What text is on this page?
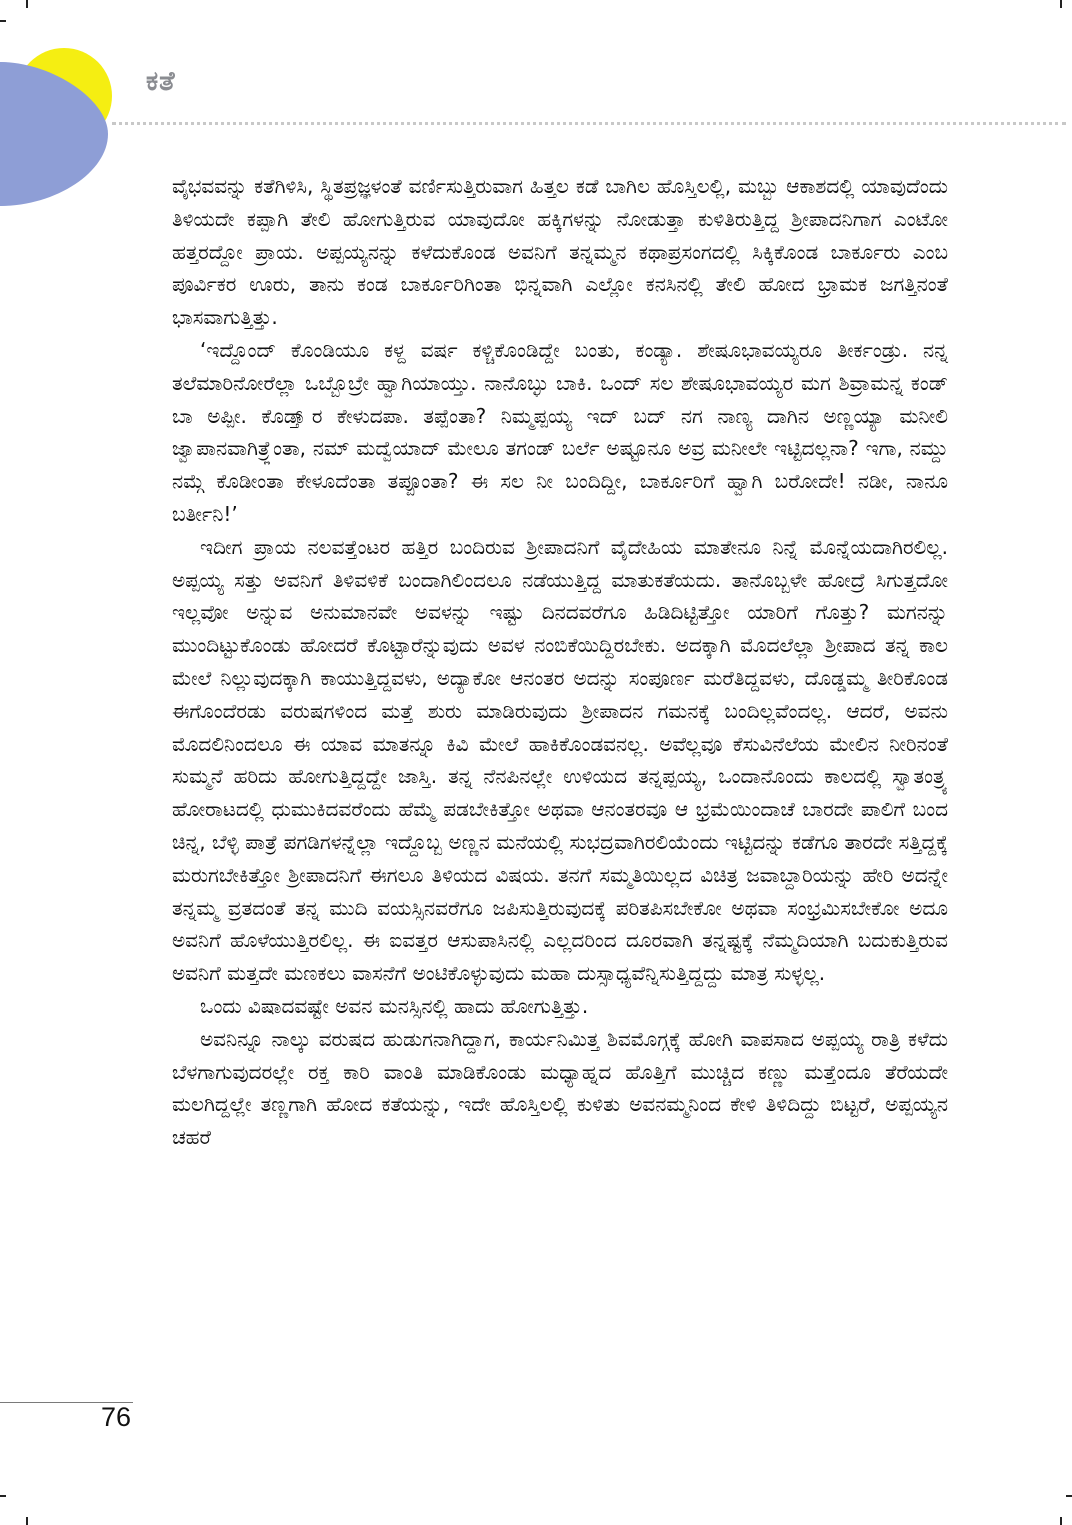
ಕತೆ

ವೈಭವವನ್ನು ಕತೆಗಿಳಿಸಿ, ಸ್ಥಿತಪ್ರಜ್ಞಳಂತೆ ವರ್ಣಿಸುತ್ತಿರುವಾಗ ಹಿತ್ತಲ ಕಡೆ ಬಾಗಿಲ ಹೊಸ್ತಿಲಲ್ಲಿ, ಮಬ್ಬು ಆಕಾಶದಲ್ಲಿ ಯಾವುದೆಂದು ತಿಳಿಯದೇ ಕಪ್ಪಾಗಿ ತೇಲಿ ಹೋಗುತ್ತಿರುವ ಯಾವುದೋ ಹಕ್ಕಿಗಳನ್ನು ನೋಡುತ್ತಾ ಕುಳಿತಿರುತ್ತಿದ್ದ ಶ್ರೀಪಾದನಿಗಾಗ ಎಂಟೋ ಹತ್ತರದ್ದೋ ಪ್ರಾಯ. ಅಪ್ಪಯ್ಯನನ್ನು ಕಳೆದುಕೊಂಡ ಅವನಿಗೆ ತನ್ನಮ್ಮನ ಕಥಾಪ್ರಸಂಗದಲ್ಲಿ ಸಿಕ್ಕಿಕೊಂಡ ಬಾರ್ಕೂರು ಎಂಬ ಪೂರ್ವಿಕರ ಊರು, ತಾನು ಕಂಡ ಬಾರ್ಕೂರಿಗಿಂತಾ ಭಿನ್ನವಾಗಿ ಎಲ್ಲೋ ಕನಸಿನಲ್ಲಿ ತೇಲಿ ಹೋದ ಭ್ರಾಮಕ ಜಗತ್ತಿನಂತೆ ಭಾಸವಾಗುತ್ತಿತ್ತು.

‘ಇದ್ದೊಂದ್ ಕೊಂಡಿಯೂ ಕಳ್ದ ವರ್ಷ ಕಳ್ಚಿಕೊಂಡಿದ್ದೇ ಬಂತು, ಕಂಡ್ಯಾ. ಶೇಷೂಭಾವಯ್ಯರೂ ತೀರ್ಕಂಡ್ರು. ನನ್ನ ತಲೆಮಾರಿನೋರೆಲ್ಲಾ ಒಬ್ಬೊಬ್ರೇ ಹ್ವಾಗಿಯಾಯ್ತು. ನಾನೊಬ್ಳು ಬಾಕಿ. ಒಂದ್ ಸಲ ಶೇಷೂಭಾವಯ್ಯರ ಮಗ ಶಿವ್ರಾಮನ್ನ ಕಂಡ್ ಬಾ ಅಪ್ಪೀ. ಕೊಡ್ತಾ್ರ ಕೇಳುದಪಾ. ತಪ್ಪೆಂತಾ? ನಿಮ್ಮಪ್ಪಯ್ಯ ಇದ್ ಬದ್ ನಗ ನಾಣ್ಯ ದಾಗಿನ ಅಣ್ಣಯ್ಯಾ ಮನೀಲಿ ಜ್ವಾಪಾನವಾಗಿತ್ರ್ಲೆಂತಾ, ನಮ್ ಮದ್ವೆಯಾದ್ ಮೇಲೂ ತಗಂಡ್ ಬರ್ಲೆ ಅಷ್ಟೂನೂ ಅವ್ರ ಮನೀಲೇ ಇಟ್ಟಿದಲ್ಲನಾ? ಇಗಾ, ನಮ್ದು ನಮ್ಗೆ ಕೊಡೀಂತಾ ಕೇಳೂದೆಂತಾ ತಪ್ಪೂಂತಾ? ಈ ಸಲ ನೀ ಬಂದಿದ್ದೀ, ಬಾರ್ಕೂರಿಗೆ ಹ್ವಾಗಿ ಬರೋದೇ! ನಡೀ, ನಾನೂ ಬರ್ತೀನಿ!’

ಇದೀಗ ಪ್ರಾಯ ನಲವತ್ತೆಂಟರ ಹತ್ತಿರ ಬಂದಿರುವ ಶ್ರೀಪಾದನಿಗೆ ವೈದೇಹಿಯ ಮಾತೇನೂ ನಿನ್ನೆ ಮೊನ್ನೆಯದಾಗಿರಲಿಲ್ಲ. ಅಪ್ಪಯ್ಯ ಸತ್ತು ಅವನಿಗೆ ತಿಳಿವಳಿಕೆ ಬಂದಾಗಿಲಿಂದಲೂ ನಡೆಯುತ್ತಿದ್ದ ಮಾತುಕತೆಯದು. ತಾನೊಬ್ಬಳೇ ಹೋದ್ರೆ ಸಿಗುತ್ತದೋ ಇಲ್ಲವೋ ಅನ್ನುವ ಅನುಮಾನವೇ ಅವಳನ್ನು ಇಷ್ಟು ದಿನದವರೆಗೂ ಹಿಡಿದಿಟ್ಟಿತ್ತೋ ಯಾರಿಗೆ ಗೊತ್ತು? ಮಗನನ್ನು ಮುಂದಿಟ್ಟುಕೊಂಡು ಹೋದರೆ ಕೊಟ್ಟಾರೆನ್ನುವುದು ಅವಳ ನಂಬಿಕೆಯಿದ್ದಿರಬೇಕು. ಅದಕ್ಕಾಗಿ ಮೊದಲೆಲ್ಲಾ ಶ್ರೀಪಾದ ತನ್ನ ಕಾಲ ಮೇಲೆ ನಿಲ್ಲುವುದಕ್ಕಾಗಿ ಕಾಯುತ್ತಿದ್ದವಳು, ಅದ್ಯಾಕೋ ಆನಂತರ ಅದನ್ನು ಸಂಪೂರ್ಣ ಮರೆತಿದ್ದವಳು, ದೊಡ್ಡಮ್ಮ ತೀರಿಕೊಂಡ ಈಗೊಂದೆರಡು ವರುಷಗಳಿಂದ ಮತ್ತೆ ಶುರು ಮಾಡಿರುವುದು ಶ್ರೀಪಾದನ ಗಮನಕ್ಕೆ ಬಂದಿಲ್ಲವೆಂದಲ್ಲ. ಆದರೆ, ಅವನು ಮೊದಲಿನಿಂದಲೂ ಈ ಯಾವ ಮಾತನ್ನೂ ಕಿವಿ ಮೇಲೆ ಹಾಕಿಕೊಂಡವನಲ್ಲ. ಅವೆಲ್ಲವೂ ಕೆಸುವಿನೆಲೆಯ ಮೇಲಿನ ನೀರಿನಂತೆ ಸುಮ್ಮನೆ ಹರಿದು ಹೋಗುತ್ತಿದ್ದದ್ದೇ ಜಾಸ್ತಿ. ತನ್ನ ನೆನಪಿನಲ್ಲೇ ಉಳಿಯದ ತನ್ನಪ್ಪಯ್ಯ, ಒಂದಾನೊಂದು ಕಾಲದಲ್ಲಿ ಸ್ವಾತಂತ್ರ್ಯ ಹೋರಾಟದಲ್ಲಿ ಧುಮುಕಿದವರೆಂದು ಹೆಮ್ಮೆ ಪಡಬೇಕಿತ್ತೋ ಅಥವಾ ಆನಂತರವೂ ಆ ಭ್ರಮೆಯಿಂದಾಚೆ ಬಾರದೇ ಪಾಲಿಗೆ ಬಂದ ಚಿನ್ನ, ಬೆಳ್ಳಿ ಪಾತ್ರೆ ಪಗಡಿಗಳನ್ನೆಲ್ಲಾ ಇದ್ದೊಬ್ಬ ಅಣ್ಣನ ಮನೆಯಲ್ಲಿ ಸುಭದ್ರವಾಗಿರಲಿಯೆಂದು ಇಟ್ಟಿದನ್ನು ಕಡೆಗೂ ತಾರದೇ ಸತ್ತಿದ್ದಕ್ಕೆ ಮರುಗಬೇಕಿತ್ತೋ ಶ್ರೀಪಾದನಿಗೆ ಈಗಲೂ ತಿಳಿಯದ ವಿಷಯ. ತನಗೆ ಸಮ್ಮತಿಯಿಲ್ಲದ ವಿಚಿತ್ರ ಜವಾಬ್ದಾರಿಯನ್ನು ಹೇರಿ ಅದನ್ನೇ ತನ್ನಮ್ಮ ವ್ರತದಂತೆ ತನ್ನ ಮುದಿ ವಯಸ್ಸಿನವರೆಗೂ ಜಪಿಸುತ್ತಿರುವುದಕ್ಕೆ ಪರಿತಪಿಸಬೇಕೋ ಅಥವಾ ಸಂಭ್ರಮಿಸಬೇಕೋ ಅದೂ ಅವನಿಗೆ ಹೊಳೆಯುತ್ತಿರಲಿಲ್ಲ. ಈ ಐವತ್ತರ ಆಸುಪಾಸಿನಲ್ಲಿ ಎಲ್ಲದರಿಂದ ದೂರವಾಗಿ ತನ್ನಷ್ಟಕ್ಕೆ ನೆಮ್ಮದಿಯಾಗಿ ಬದುಕುತ್ತಿರುವ ಅವನಿಗೆ ಮತ್ತದೇ ಮಣಕಲು ವಾಸನೆಗೆ ಅಂಟಿಕೊಳ್ಳುವುದು ಮಹಾ ದುಸ್ಸಾಧ್ಯವೆನ್ನಿಸುತ್ತಿದ್ದದ್ದು ಮಾತ್ರ ಸುಳ್ಳಲ್ಲ.

ಒಂದು ವಿಷಾದವಷ್ಟೇ ಅವನ ಮನಸ್ಸಿನಲ್ಲಿ ಹಾದು ಹೋಗುತ್ತಿತ್ತು.

ಅವನಿನ್ನೂ ನಾಲ್ಕು ವರುಷದ ಹುಡುಗನಾಗಿದ್ದಾಗ, ಕಾರ್ಯನಿಮಿತ್ತ ಶಿವಮೊಗ್ಗಕ್ಕೆ ಹೋಗಿ ವಾಪಸಾದ ಅಪ್ಪಯ್ಯ ರಾತ್ರಿ ಕಳೆದು ಬೆಳಗಾಗುವುದರಲ್ಲೇ ರಕ್ತ ಕಾರಿ ವಾಂತಿ ಮಾಡಿಕೊಂಡು ಮಧ್ಯಾಹ್ನದ ಹೊತ್ತಿಗೆ ಮುಚ್ಚಿದ ಕಣ್ಣು ಮತ್ತೆಂದೂ ತೆರೆಯದೇ ಮಲಗಿದ್ದಲ್ಲೇ ತಣ್ಣಗಾಗಿ ಹೋದ ಕತೆಯನ್ನು, ಇದೇ ಹೊಸ್ತಿಲಲ್ಲಿ ಕುಳಿತು ಅವನಮ್ಮನಿಂದ ಕೇಳಿ ತಿಳಿದಿದ್ದು ಬಿಟ್ಟರೆ, ಅಪ್ಪಯ್ಯನ ಚಹರೆ

76
